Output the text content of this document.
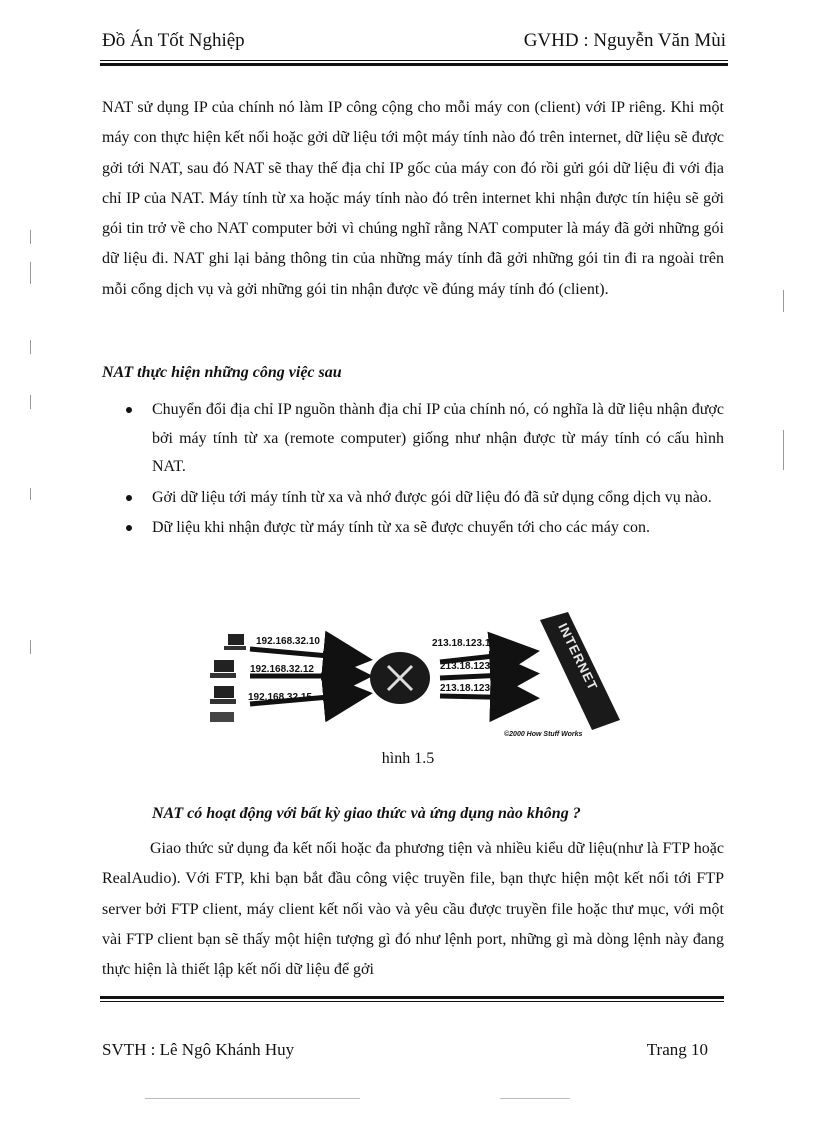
Đồ Án Tốt Nghiệp	GVHD : Nguyễn Văn Mùi

NAT sử dụng IP của chính nó làm IP công cộng cho mỗi máy con (client) với IP riêng. Khi một máy con thực hiện kết nối hoặc gởi dữ liệu tới một máy tính nào đó trên internet, dữ liệu sẽ được gởi tới NAT, sau đó NAT sẽ thay thế địa chỉ IP gốc của máy con đó rồi gửi gói dữ liệu đi với địa chỉ IP của NAT. Máy tính từ xa hoặc máy tính nào đó trên internet khi nhận được tín hiệu sẽ gởi gói tin trở về cho NAT computer bởi vì chúng nghĩ rằng NAT computer là máy đã gởi những gói dữ liệu đi. NAT ghi lại bảng thông tin của những máy tính đã gởi những gói tin đi ra ngoài trên mỗi cổng dịch vụ và gởi những gói tin nhận được về đúng máy tính đó (client).

NAT thực hiện những công việc sau
Chuyển đổi địa chỉ IP nguồn thành địa chỉ IP của chính nó, có nghĩa là dữ liệu nhận được bởi máy tính từ xa (remote computer) giống như nhận được từ máy tính có cấu hình NAT.
Gởi dữ liệu tới máy tính từ xa và nhớ được gói dữ liệu đó đã sử dụng cổng dịch vụ nào.
Dữ liệu khi nhận được từ máy tính từ xa sẽ được chuyển tới cho các máy con.
192.168.32.10
192.168.32.12
192.168.32.15
213.18.123.110
213.18.123.111
213.18.123.112	INTERNET
©2000 How Stuff Works
hình 1.5
NAT có hoạt động với bất kỳ giao thức và ứng dụng nào không ?

Giao thức sử dụng đa kết nối hoặc đa phương tiện và nhiều kiểu dữ liệu(như là FTP hoặc RealAudio). Với FTP, khi bạn bắt đầu công việc truyền file, bạn thực hiện một kết nối tới FTP server bởi FTP client, máy client kết nối vào và yêu cầu được truyền file hoặc thư mục, với một vài FTP client bạn sẽ thấy một hiện tượng gì đó như lệnh port, những gì mà dòng lệnh này đang thực hiện là thiết lập kết nối dữ liệu để gởi

SVTH : Lê Ngô Khánh Huy	Trang 10
